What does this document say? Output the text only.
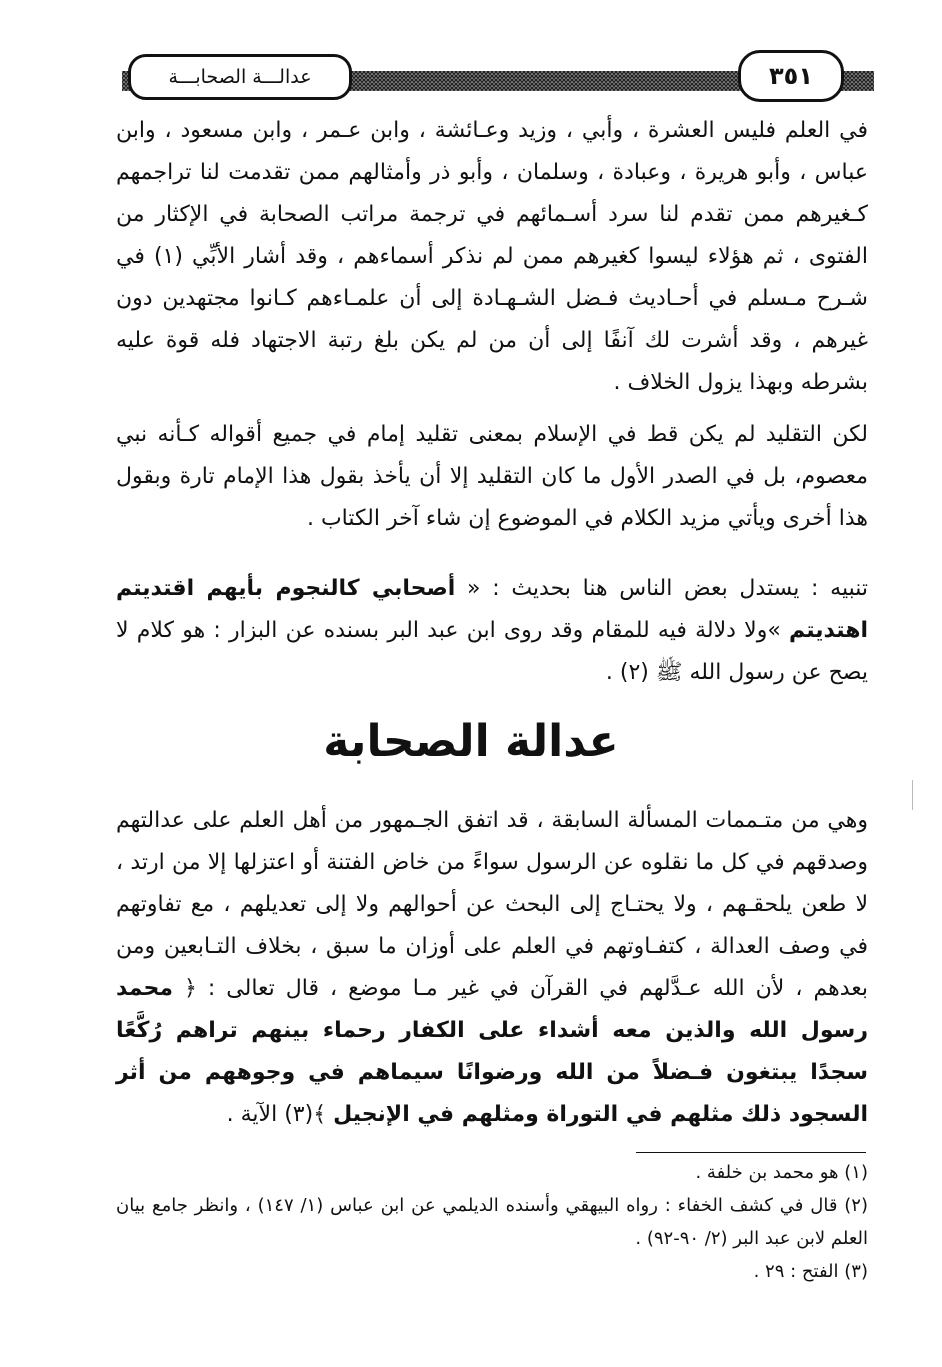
عدالـــة الصحابـــة	٣٥١

في العلم فليس العشرة ، وأبي ، وزيد وعـائشة ، وابن عـمر ، وابن مسعود ، وابن عباس ، وأبو هريرة ، وعبادة ، وسلمان ، وأبو ذر وأمثالهم ممن تقدمت لنا تراجمهم كـغيرهم ممن تقدم لنا سرد أسـمائهم في ترجمة مراتب الصحابة في الإكثار من الفتوى ، ثم هؤلاء ليسوا كغيرهم ممن لم نذكر أسماءهم ، وقد أشار الأبِّي (١) في شـرح مـسلم في أحـاديث فـضل الشـهـادة إلى أن علمـاءهم كـانوا مجتهدين دون غيرهم ، وقد أشرت لك آنفًا إلى أن من لم يكن بلغ رتبة الاجتهاد فله قوة عليه بشرطه وبهذا يزول الخلاف .

لكن التقليد لم يكن قط في الإسلام بمعنى تقليد إمام في جميع أقواله كـأنه نبي معصوم، بل في الصدر الأول ما كان التقليد إلا أن يأخذ بقول هذا الإمام تارة وبقول هذا أخرى ويأتي مزيد الكلام في الموضوع إن شاء آخر الكتاب .

تنبيه : يستدل بعض الناس هنا بحديث : « أصحابي كالنجوم بأيهم اقتديتم اهتديتم »ولا دلالة فيه للمقام وقد روى ابن عبد البر بسنده عن البزار : هو كلام لا يصح عن رسول الله ﷺ (٢) .

عدالة الصحابة

وهي من متـممات المسألة السابقة ، قد اتفق الجـمهور من أهل العلم على عدالتهم وصدقهم في كل ما نقلوه عن الرسول سواءً من خاض الفتنة أو اعتزلها إلا من ارتد ، لا طعن يلحقـهم ، ولا يحتـاج إلى البحث عن أحوالهم ولا إلى تعديلهم ، مع تفاوتهم في وصف العدالة ، كتفـاوتهم في العلم على أوزان ما سبق ، بخلاف التـابعين ومن بعدهم ، لأن الله عـدَّلهم في القرآن في غير مـا موضع ، قال تعالى : ﴿ محمد رسول الله والذين معه أشداء على الكفار رحماء بينهم تراهم رُكَّعًا سجدًا يبتغون فـضلاً من الله ورضوانًا سيماهم في وجوههم من أثر السجود ذلك مثلهم في التوراة ومثلهم في الإنجيل ﴾(٣) الآية .

(١) هو محمد بن خلفة .

(٢) قال في كشف الخفاء : رواه البيهقي وأسنده الديلمي عن ابن عباس (١/ ١٤٧) ، وانظر جامع بيان العلم لابن عبد البر (٢/ ٩٠-٩٢) .

(٣) الفتح : ٢٩ .
